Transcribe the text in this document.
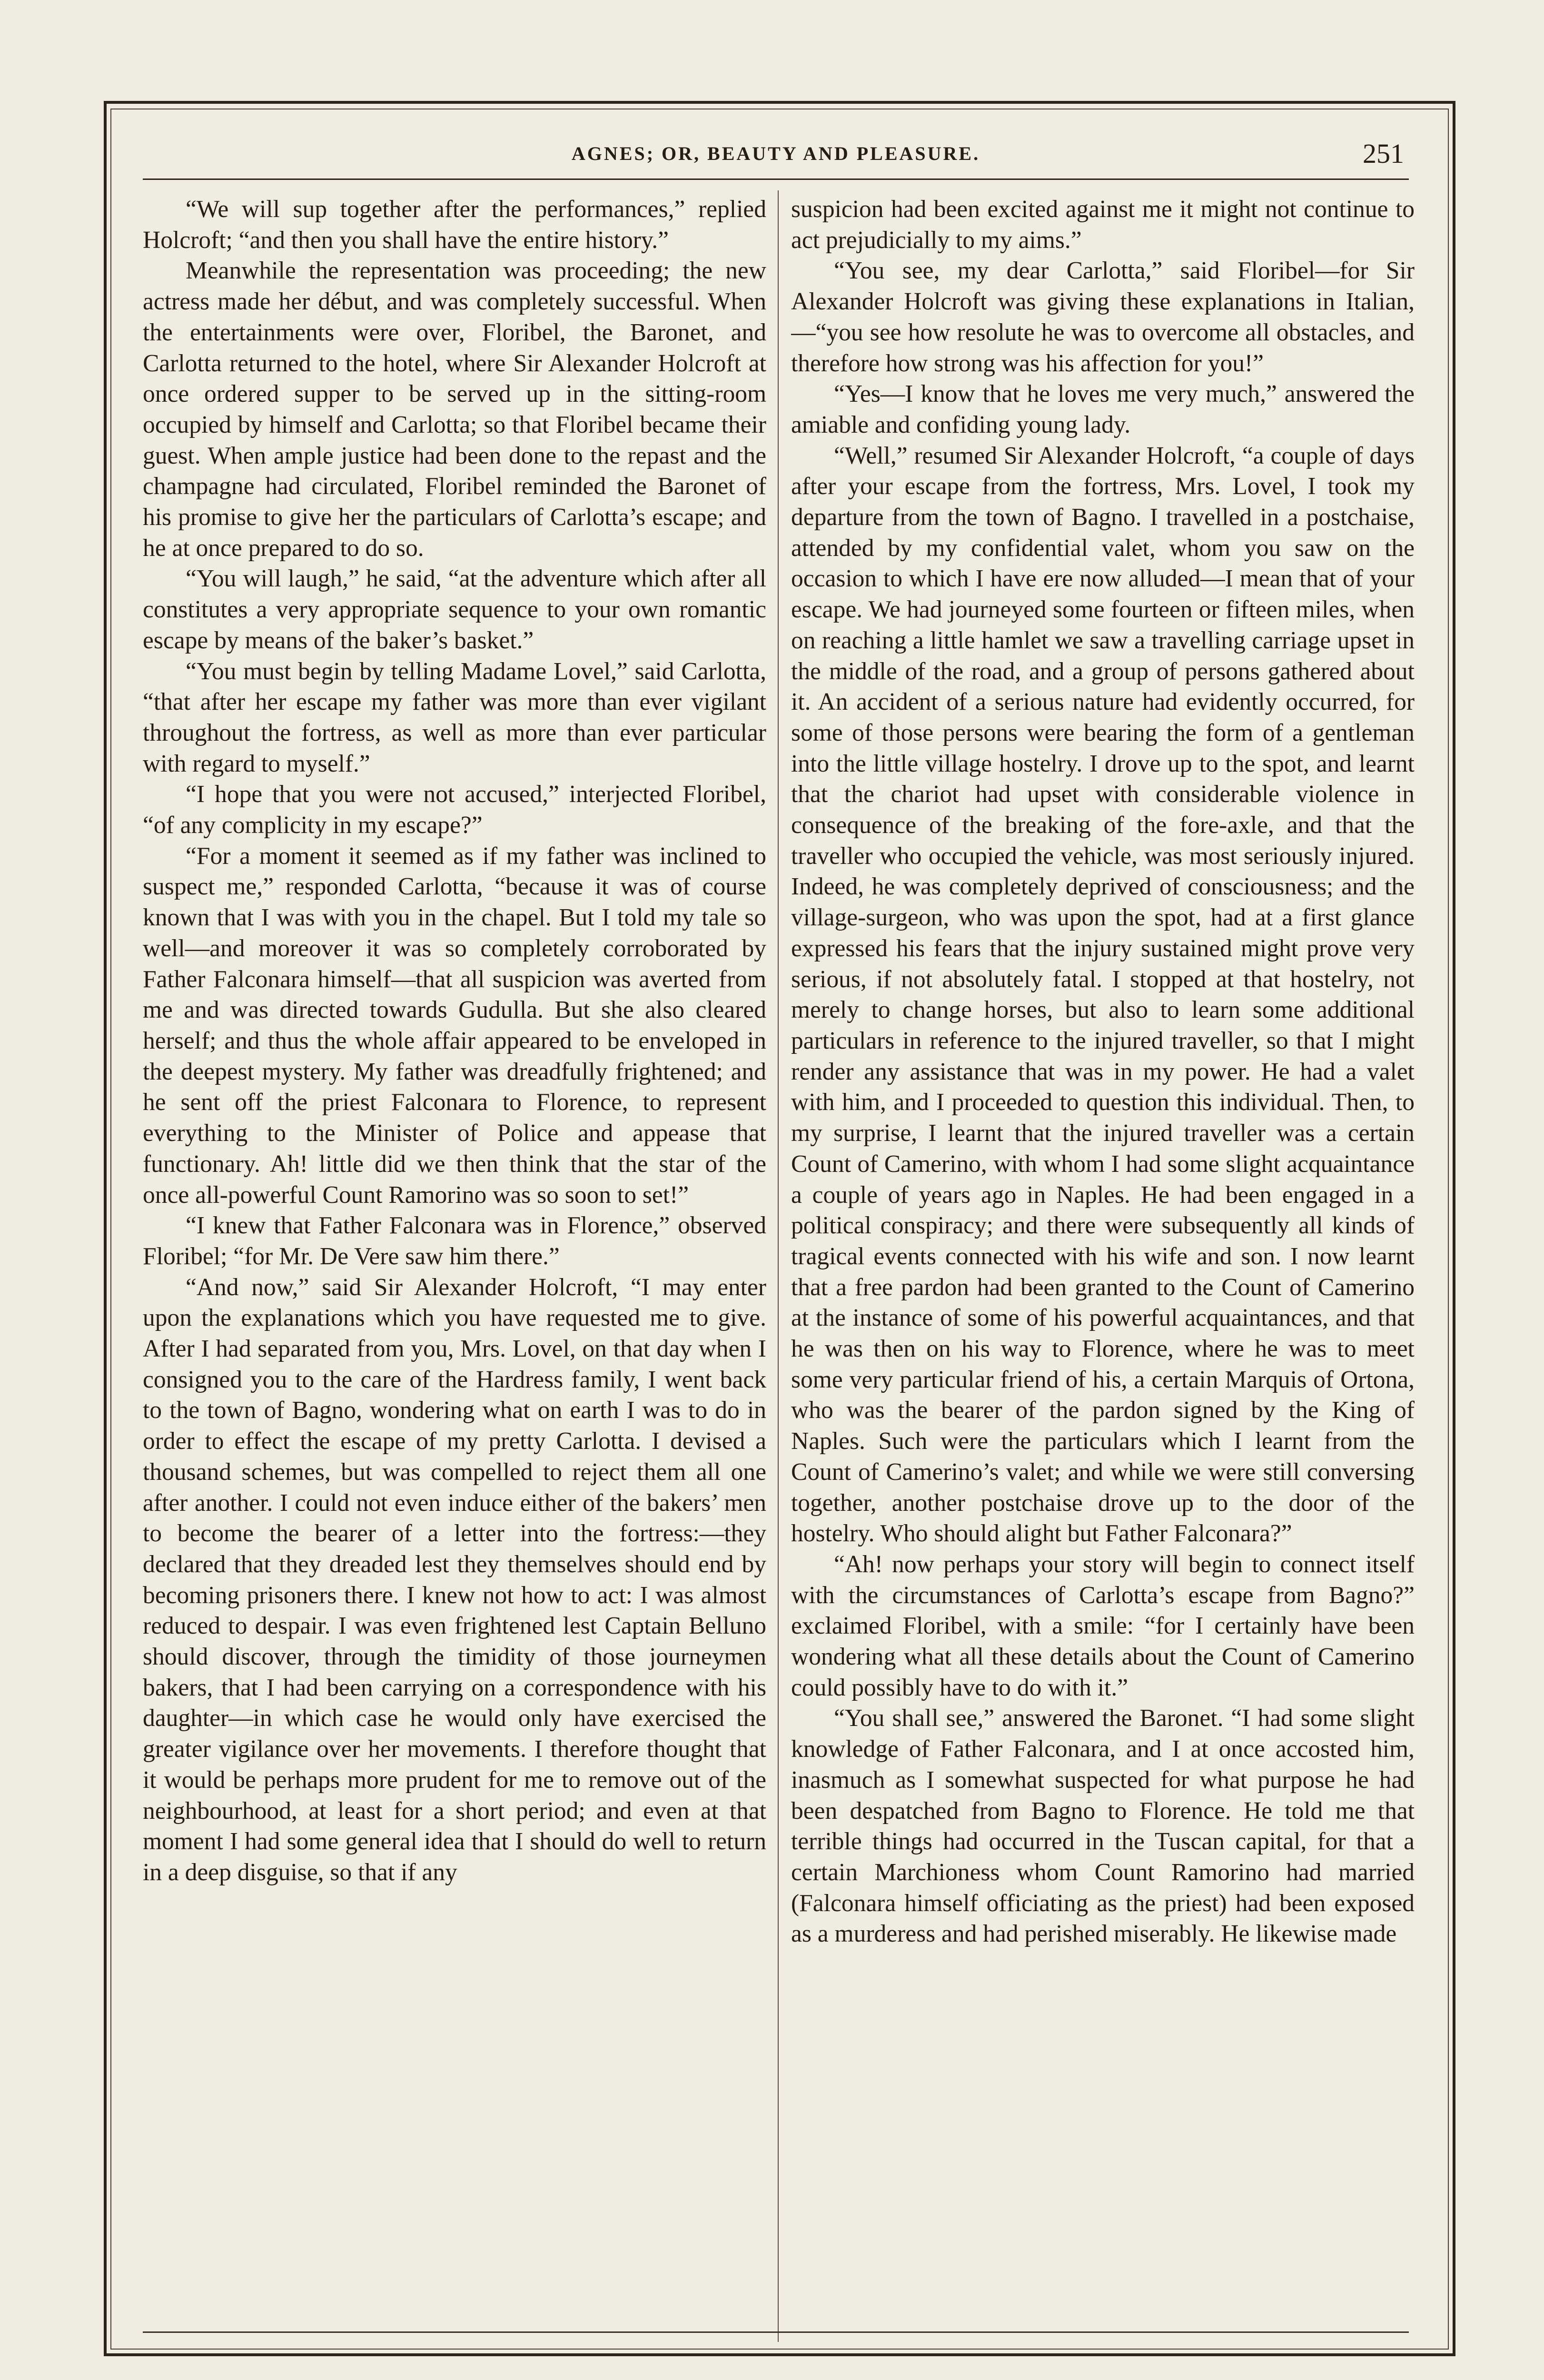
AGNES; OR, BEAUTY AND PLEASURE.	251

“We will sup together after the performances,” replied Holcroft; “and then you shall have the entire history.”

Meanwhile the representation was proceeding; the new actress made her début, and was completely successful. When the entertainments were over, Floribel, the Baronet, and Carlotta returned to the hotel, where Sir Alexander Holcroft at once ordered supper to be served up in the sitting-room occupied by himself and Carlotta; so that Floribel became their guest. When ample justice had been done to the repast and the champagne had circulated, Floribel reminded the Baronet of his promise to give her the particulars of Carlotta’s escape; and he at once prepared to do so.

“You will laugh,” he said, “at the adventure which after all constitutes a very appropriate sequence to your own romantic escape by means of the baker’s basket.”

“You must begin by telling Madame Lovel,” said Carlotta, “that after her escape my father was more than ever vigilant throughout the fortress, as well as more than ever particular with regard to myself.”

“I hope that you were not accused,” interjected Floribel, “of any complicity in my escape?”

“For a moment it seemed as if my father was inclined to suspect me,” responded Carlotta, “because it was of course known that I was with you in the chapel. But I told my tale so well—and moreover it was so completely corroborated by Father Falconara himself—that all suspicion was averted from me and was directed towards Gudulla. But she also cleared herself; and thus the whole affair appeared to be enveloped in the deepest mystery. My father was dreadfully frightened; and he sent off the priest Falconara to Florence, to represent everything to the Minister of Police and appease that functionary. Ah! little did we then think that the star of the once all-powerful Count Ramorino was so soon to set!”

“I knew that Father Falconara was in Florence,” observed Floribel; “for Mr. De Vere saw him there.”

“And now,” said Sir Alexander Holcroft, “I may enter upon the explanations which you have requested me to give. After I had separated from you, Mrs. Lovel, on that day when I consigned you to the care of the Hardress family, I went back to the town of Bagno, wondering what on earth I was to do in order to effect the escape of my pretty Carlotta. I devised a thousand schemes, but was compelled to reject them all one after another. I could not even induce either of the bakers’ men to become the bearer of a letter into the fortress:—they declared that they dreaded lest they themselves should end by becoming prisoners there. I knew not how to act: I was almost reduced to despair. I was even frightened lest Captain Belluno should discover, through the timidity of those journeymen bakers, that I had been carrying on a correspondence with his daughter—in which case he would only have exercised the greater vigilance over her movements. I therefore thought that it would be perhaps more prudent for me to remove out of the neighbourhood, at least for a short period; and even at that moment I had some general idea that I should do well to return in a deep disguise, so that if any

suspicion had been excited against me it might not continue to act prejudicially to my aims.”

“You see, my dear Carlotta,” said Floribel—for Sir Alexander Holcroft was giving these explanations in Italian,—“you see how resolute he was to overcome all obstacles, and therefore how strong was his affection for you!”

“Yes—I know that he loves me very much,” answered the amiable and confiding young lady.

“Well,” resumed Sir Alexander Holcroft, “a couple of days after your escape from the fortress, Mrs. Lovel, I took my departure from the town of Bagno. I travelled in a postchaise, attended by my confidential valet, whom you saw on the occasion to which I have ere now alluded—I mean that of your escape. We had journeyed some fourteen or fifteen miles, when on reaching a little hamlet we saw a travelling carriage upset in the middle of the road, and a group of persons gathered about it. An accident of a serious nature had evidently occurred, for some of those persons were bearing the form of a gentleman into the little village hostelry. I drove up to the spot, and learnt that the chariot had upset with considerable violence in consequence of the breaking of the fore-axle, and that the traveller who occupied the vehicle, was most seriously injured. Indeed, he was completely deprived of consciousness; and the village-surgeon, who was upon the spot, had at a first glance expressed his fears that the injury sustained might prove very serious, if not absolutely fatal. I stopped at that hostelry, not merely to change horses, but also to learn some additional particulars in reference to the injured traveller, so that I might render any assistance that was in my power. He had a valet with him, and I proceeded to question this individual. Then, to my surprise, I learnt that the injured traveller was a certain Count of Camerino, with whom I had some slight acquaintance a couple of years ago in Naples. He had been engaged in a political conspiracy; and there were subsequently all kinds of tragical events connected with his wife and son. I now learnt that a free pardon had been granted to the Count of Camerino at the instance of some of his powerful acquaintances, and that he was then on his way to Florence, where he was to meet some very particular friend of his, a certain Marquis of Ortona, who was the bearer of the pardon signed by the King of Naples. Such were the particulars which I learnt from the Count of Camerino’s valet; and while we were still conversing together, another postchaise drove up to the door of the hostelry. Who should alight but Father Falconara?”

“Ah! now perhaps your story will begin to connect itself with the circumstances of Carlotta’s escape from Bagno?” exclaimed Floribel, with a smile: “for I certainly have been wondering what all these details about the Count of Camerino could possibly have to do with it.”

“You shall see,” answered the Baronet. “I had some slight knowledge of Father Falconara, and I at once accosted him, inasmuch as I somewhat suspected for what purpose he had been despatched from Bagno to Florence. He told me that terrible things had occurred in the Tuscan capital, for that a certain Marchioness whom Count Ramorino had married (Falconara himself officiating as the priest) had been exposed as a murderess and had perished miserably. He likewise made
